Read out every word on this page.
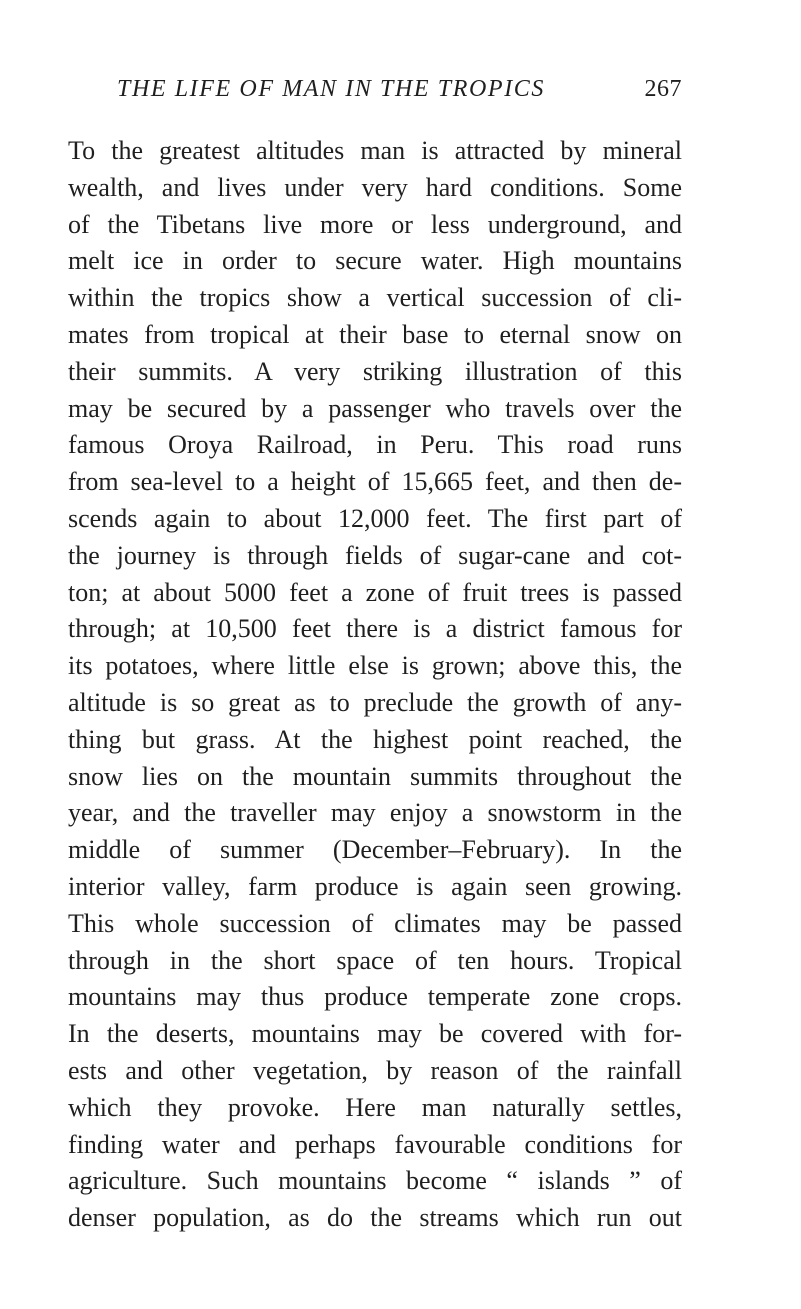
THE LIFE OF MAN IN THE TROPICS	267
To the greatest altitudes man is attracted by mineral
wealth, and lives under very hard conditions. Some
of the Tibetans live more or less underground, and
melt ice in order to secure water. High mountains
within the tropics show a vertical succession of cli-
mates from tropical at their base to eternal snow on
their summits. A very striking illustration of this
may be secured by a passenger who travels over the
famous Oroya Railroad, in Peru. This road runs
from sea-level to a height of 15,665 feet, and then de-
scends again to about 12,000 feet. The first part of
the journey is through fields of sugar-cane and cot-
ton; at about 5000 feet a zone of fruit trees is passed
through; at 10,500 feet there is a district famous for
its potatoes, where little else is grown; above this, the
altitude is so great as to preclude the growth of any-
thing but grass. At the highest point reached, the
snow lies on the mountain summits throughout the
year, and the traveller may enjoy a snowstorm in the
middle of summer (December–February). In the
interior valley, farm produce is again seen growing.
This whole succession of climates may be passed
through in the short space of ten hours. Tropical
mountains may thus produce temperate zone crops.
In the deserts, mountains may be covered with for-
ests and other vegetation, by reason of the rainfall
which they provoke. Here man naturally settles,
finding water and perhaps favourable conditions for
agriculture. Such mountains become “ islands ” of
denser population, as do the streams which run out
